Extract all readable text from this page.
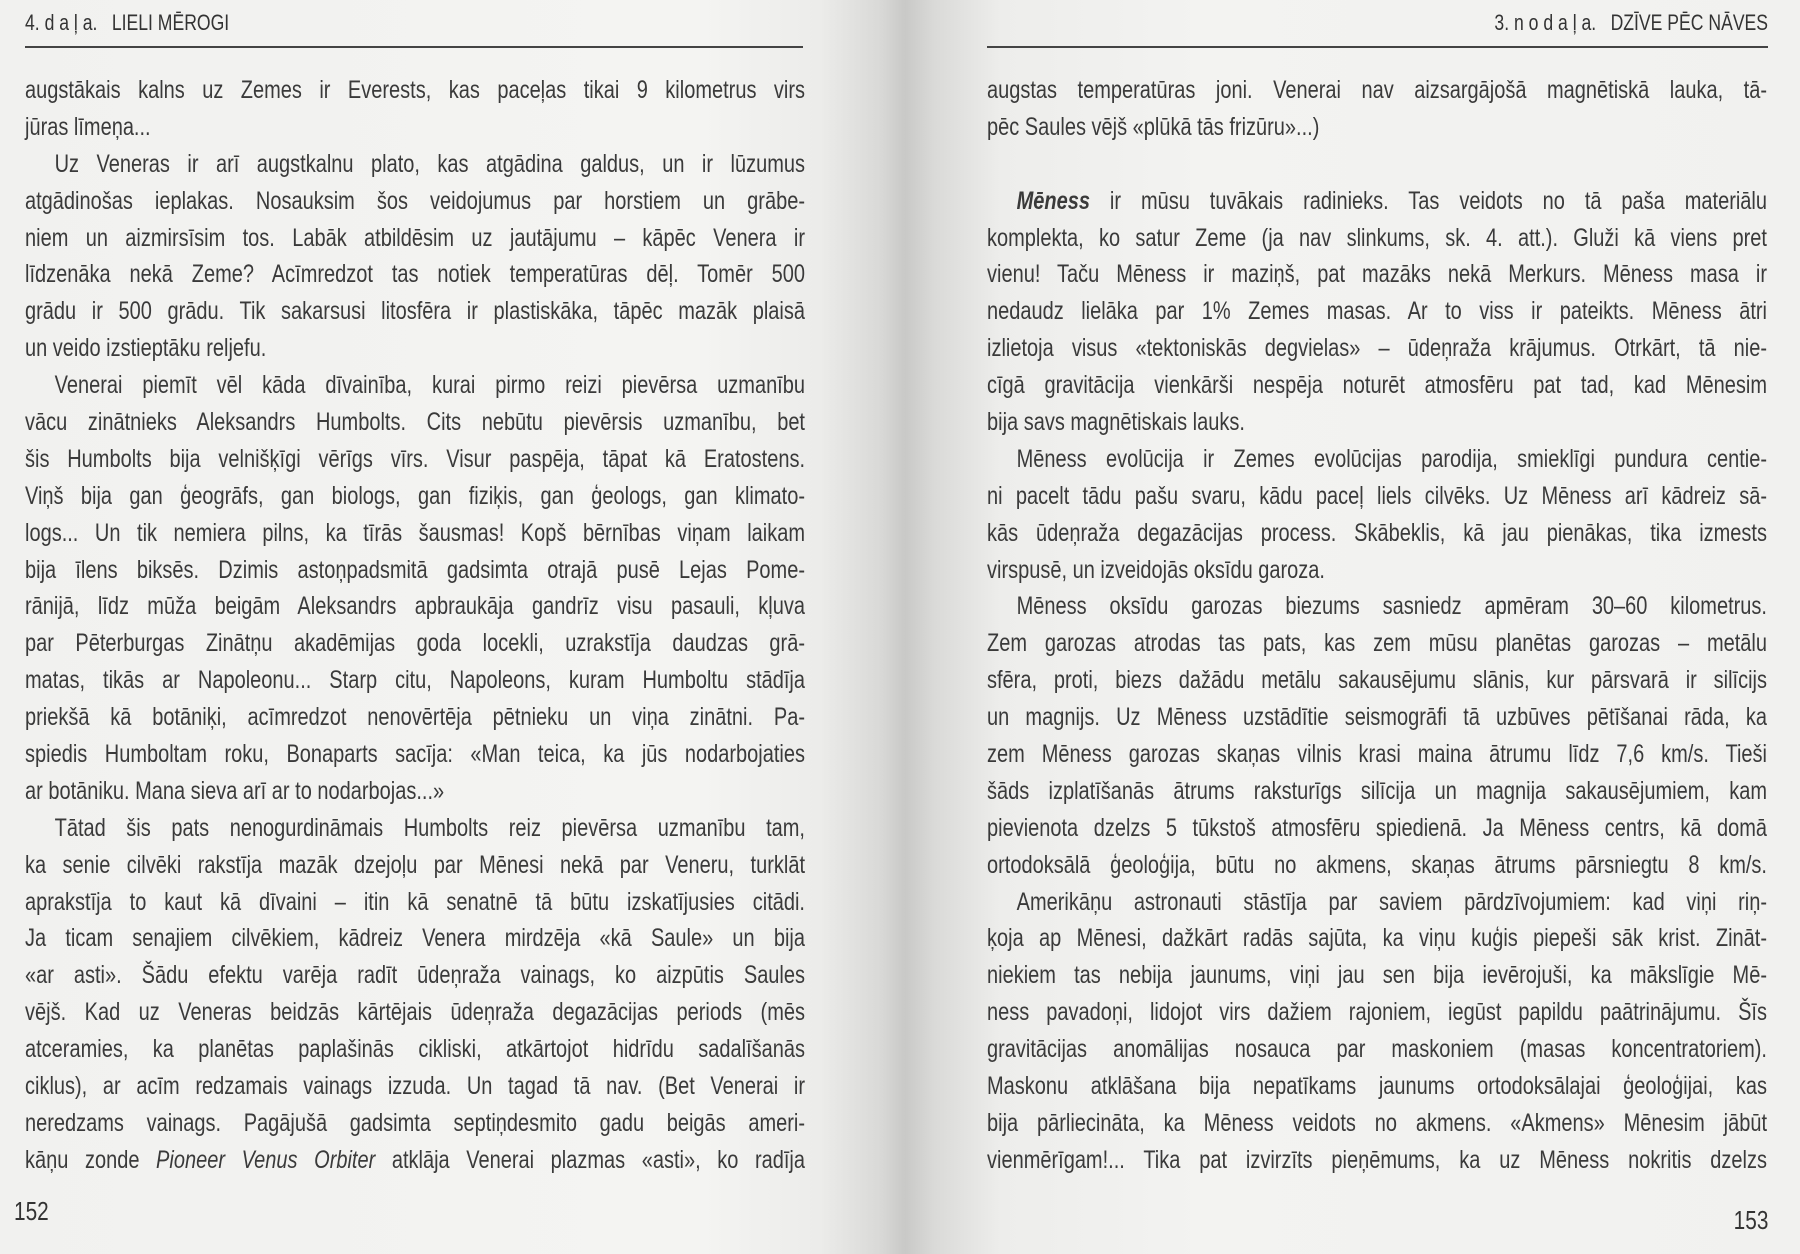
4. d a ļ a. LIELI MĒROGI	3. n o d a ļ a. DZĪVE PĒC NĀVES
augstākais kalns uz Zemes ir Everests, kas paceļas tikai 9 kilometrus virs
jūras līmeņa...
Uz Veneras ir arī augstkalnu plato, kas atgādina galdus, un ir lūzumus
atgādinošas ieplakas. Nosauksim šos veidojumus par horstiem un grābe-
niem un aizmirsīsim tos. Labāk atbildēsim uz jautājumu – kāpēc Venera ir
līdzenāka nekā Zeme? Acīmredzot tas notiek temperatūras dēļ. Tomēr 500
grādu ir 500 grādu. Tik sakarsusi litosfēra ir plastiskāka, tāpēc mazāk plaisā
un veido izstieptāku reljefu.
Venerai piemīt vēl kāda dīvainība, kurai pirmo reizi pievērsa uzmanību
vācu zinātnieks Aleksandrs Humbolts. Cits nebūtu pievērsis uzmanību, bet
šis Humbolts bija velnišķīgi vērīgs vīrs. Visur paspēja, tāpat kā Eratostens.
Viņš bija gan ģeogrāfs, gan biologs, gan fiziķis, gan ģeologs, gan klimato-
logs... Un tik nemiera pilns, ka tīrās šausmas! Kopš bērnības viņam laikam
bija īlens biksēs. Dzimis astoņpadsmitā gadsimta otrajā pusē Lejas Pome-
rānijā, līdz mūža beigām Aleksandrs apbraukāja gandrīz visu pasauli, kļuva
par Pēterburgas Zinātņu akadēmijas goda locekli, uzrakstīja daudzas grā-
matas, tikās ar Napoleonu... Starp citu, Napoleons, kuram Humboltu stādīja
priekšā kā botāniķi, acīmredzot nenovērtēja pētnieku un viņa zinātni. Pa-
spiedis Humboltam roku, Bonaparts sacīja: «Man teica, ka jūs nodarbojaties
ar botāniku. Mana sieva arī ar to nodarbojas...»
Tātad šis pats nenogurdināmais Humbolts reiz pievērsa uzmanību tam,
ka senie cilvēki rakstīja mazāk dzejoļu par Mēnesi nekā par Veneru, turklāt
aprakstīja to kaut kā dīvaini – itin kā senatnē tā būtu izskatījusies citādi.
Ja ticam senajiem cilvēkiem, kādreiz Venera mirdzēja «kā Saule» un bija
«ar asti». Šādu efektu varēja radīt ūdeņraža vainags, ko aizpūtis Saules
vējš. Kad uz Veneras beidzās kārtējais ūdeņraža degazācijas periods (mēs
atceramies, ka planētas paplašinās cikliski, atkārtojot hidrīdu sadalīšanās
ciklus), ar acīm redzamais vainags izzuda. Un tagad tā nav. (Bet Venerai ir
neredzams vainags. Pagājušā gadsimta septiņdesmito gadu beigās ameri-
kāņu zonde Pioneer Venus Orbiter atklāja Venerai plazmas «asti», ko radīja
augstas temperatūras joni. Venerai nav aizsargājošā magnētiskā lauka, tā-
pēc Saules vējš «plūkā tās frizūru»...)
Mēness ir mūsu tuvākais radinieks. Tas veidots no tā paša materiālu
komplekta, ko satur Zeme (ja nav slinkums, sk. 4. att.). Gluži kā viens pret
vienu! Taču Mēness ir maziņš, pat mazāks nekā Merkurs. Mēness masa ir
nedaudz lielāka par 1% Zemes masas. Ar to viss ir pateikts. Mēness ātri
izlietoja visus «tektoniskās degvielas» – ūdeņraža krājumus. Otrkārt, tā nie-
cīgā gravitācija vienkārši nespēja noturēt atmosfēru pat tad, kad Mēnesim
bija savs magnētiskais lauks.
Mēness evolūcija ir Zemes evolūcijas parodija, smieklīgi pundura centie-
ni pacelt tādu pašu svaru, kādu paceļ liels cilvēks. Uz Mēness arī kādreiz sā-
kās ūdeņraža degazācijas process. Skābeklis, kā jau pienākas, tika izmests
virspusē, un izveidojās oksīdu garoza.
Mēness oksīdu garozas biezums sasniedz apmēram 30–60 kilometrus.
Zem garozas atrodas tas pats, kas zem mūsu planētas garozas – metālu
sfēra, proti, biezs dažādu metālu sakausējumu slānis, kur pārsvarā ir silīcijs
un magnijs. Uz Mēness uzstādītie seismogrāfi tā uzbūves pētīšanai rāda, ka
zem Mēness garozas skaņas vilnis krasi maina ātrumu līdz 7,6 km/s. Tieši
šāds izplatīšanās ātrums raksturīgs silīcija un magnija sakausējumiem, kam
pievienota dzelzs 5 tūkstoš atmosfēru spiedienā. Ja Mēness centrs, kā domā
ortodoksālā ģeoloģija, būtu no akmens, skaņas ātrums pārsniegtu 8 km/s.
Amerikāņu astronauti stāstīja par saviem pārdzīvojumiem: kad viņi riņ-
ķoja ap Mēnesi, dažkārt radās sajūta, ka viņu kuģis piepeši sāk krist. Zināt-
niekiem tas nebija jaunums, viņi jau sen bija ievērojuši, ka mākslīgie Mē-
ness pavadoņi, lidojot virs dažiem rajoniem, iegūst papildu paātrinājumu. Šīs
gravitācijas anomālijas nosauca par maskoniem (masas koncentratoriem).
Maskonu atklāšana bija nepatīkams jaunums ortodoksālajai ģeoloģijai, kas
bija pārliecināta, ka Mēness veidots no akmens. «Akmens» Mēnesim jābūt
vienmērīgam!... Tika pat izvirzīts pieņēmums, ka uz Mēness nokritis dzelzs
152	153
